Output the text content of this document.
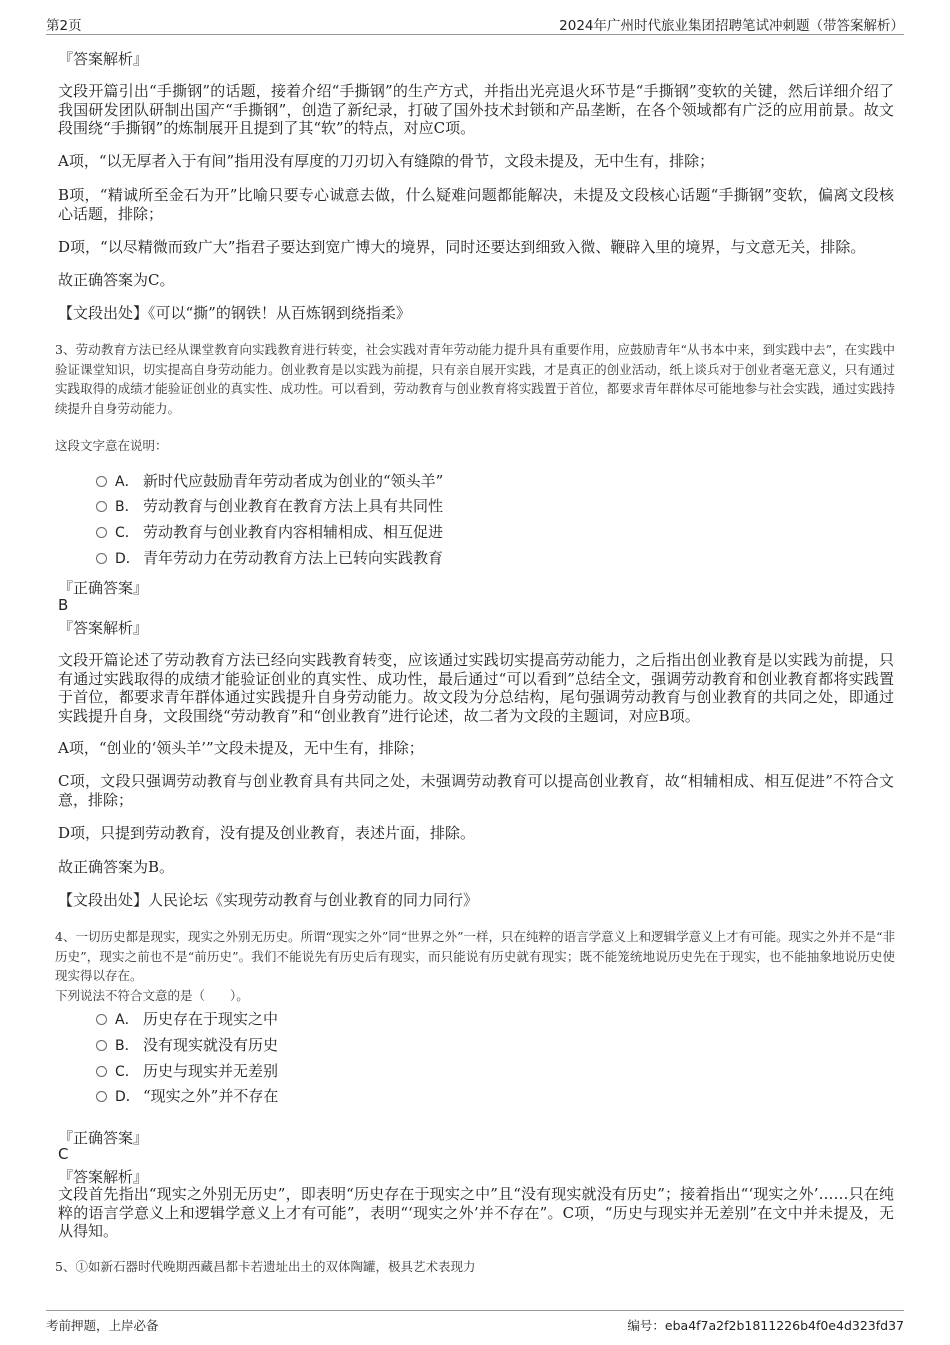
第2页	2024年广州时代旅业集团招聘笔试冲刺题（带答案解析）
『答案解析』
文段开篇引出“手撕钢”的话题，接着介绍“手撕钢”的生产方式，并指出光亮退火环节是“手撕钢”变软的关键，然后详细介绍了我国研发团队研制出国产“手撕钢”，创造了新纪录，打破了国外技术封锁和产品垄断，在各个领域都有广泛的应用前景。故文段围绕“手撕钢”的炼制展开且提到了其“软”的特点，对应C项。
A项，“以无厚者入于有间”指用没有厚度的刀刃切入有缝隙的骨节，文段未提及，无中生有，排除；
B项，“精诚所至金石为开”比喻只要专心诚意去做，什么疑难问题都能解决，未提及文段核心话题“手撕钢”变软，偏离文段核心话题，排除；
D项，“以尽精微而致广大”指君子要达到宽广博大的境界，同时还要达到细致入微、鞭辟入里的境界，与文意无关，排除。
故正确答案为C。
【文段出处】《可以“撕”的钢铁！从百炼钢到绕指柔》
3、劳动教育方法已经从课堂教育向实践教育进行转变，社会实践对青年劳动能力提升具有重要作用，应鼓励青年“从书本中来，到实践中去”，在实践中验证课堂知识，切实提高自身劳动能力。创业教育是以实践为前提，只有亲自展开实践，才是真正的创业活动，纸上谈兵对于创业者毫无意义，只有通过实践取得的成绩才能验证创业的真实性、成功性。可以看到，劳动教育与创业教育将实践置于首位，都要求青年群体尽可能地参与社会实践，通过实践持续提升自身劳动能力。
这段文字意在说明：
A． 新时代应鼓励青年劳动者成为创业的“领头羊”
B． 劳动教育与创业教育在教育方法上具有共同性
C． 劳动教育与创业教育内容相辅相成、相互促进
D． 青年劳动力在劳动教育方法上已转向实践教育
『正确答案』
B
『答案解析』
文段开篇论述了劳动教育方法已经向实践教育转变，应该通过实践切实提高劳动能力，之后指出创业教育是以实践为前提，只有通过实践取得的成绩才能验证创业的真实性、成功性，最后通过“可以看到”总结全文，强调劳动教育和创业教育都将实践置于首位，都要求青年群体通过实践提升自身劳动能力。故文段为分总结构，尾句强调劳动教育与创业教育的共同之处，即通过实践提升自身，文段围绕“劳动教育”和“创业教育”进行论述，故二者为文段的主题词，对应B项。
A项，“创业的‘领头羊’”文段未提及，无中生有，排除；
C项，文段只强调劳动教育与创业教育具有共同之处，未强调劳动教育可以提高创业教育，故“相辅相成、相互促进”不符合文意，排除；
D项，只提到劳动教育，没有提及创业教育，表述片面，排除。
故正确答案为B。
【文段出处】人民论坛《实现劳动教育与创业教育的同力同行》
4、一切历史都是现实，现实之外别无历史。所谓“现实之外”同“世界之外”一样，只在纯粹的语言学意义上和逻辑学意义上才有可能。现实之外并不是“非历史”，现实之前也不是“前历史”。我们不能说先有历史后有现实，而只能说有历史就有现实；既不能笼统地说历史先在于现实，也不能抽象地说历史使现实得以存在。
下列说法不符合文意的是（　　）。
A． 历史存在于现实之中
B． 没有现实就没有历史
C． 历史与现实并无差别
D． “现实之外”并不存在
『正确答案』
C
『答案解析』
文段首先指出“现实之外别无历史”，即表明“历史存在于现实之中”且“没有现实就没有历史”；接着指出“‘现实之外’……只在纯粹的语言学意义上和逻辑学意义上才有可能”，表明“‘现实之外’并不存在”。C项，“历史与现实并无差别”在文中并未提及，无从得知。
5、①如新石器时代晚期西藏昌都卡若遗址出土的双体陶罐，极具艺术表现力
考前押题，上岸必备	编号：eba4f7a2f2b1811226b4f0e4d323fd37
